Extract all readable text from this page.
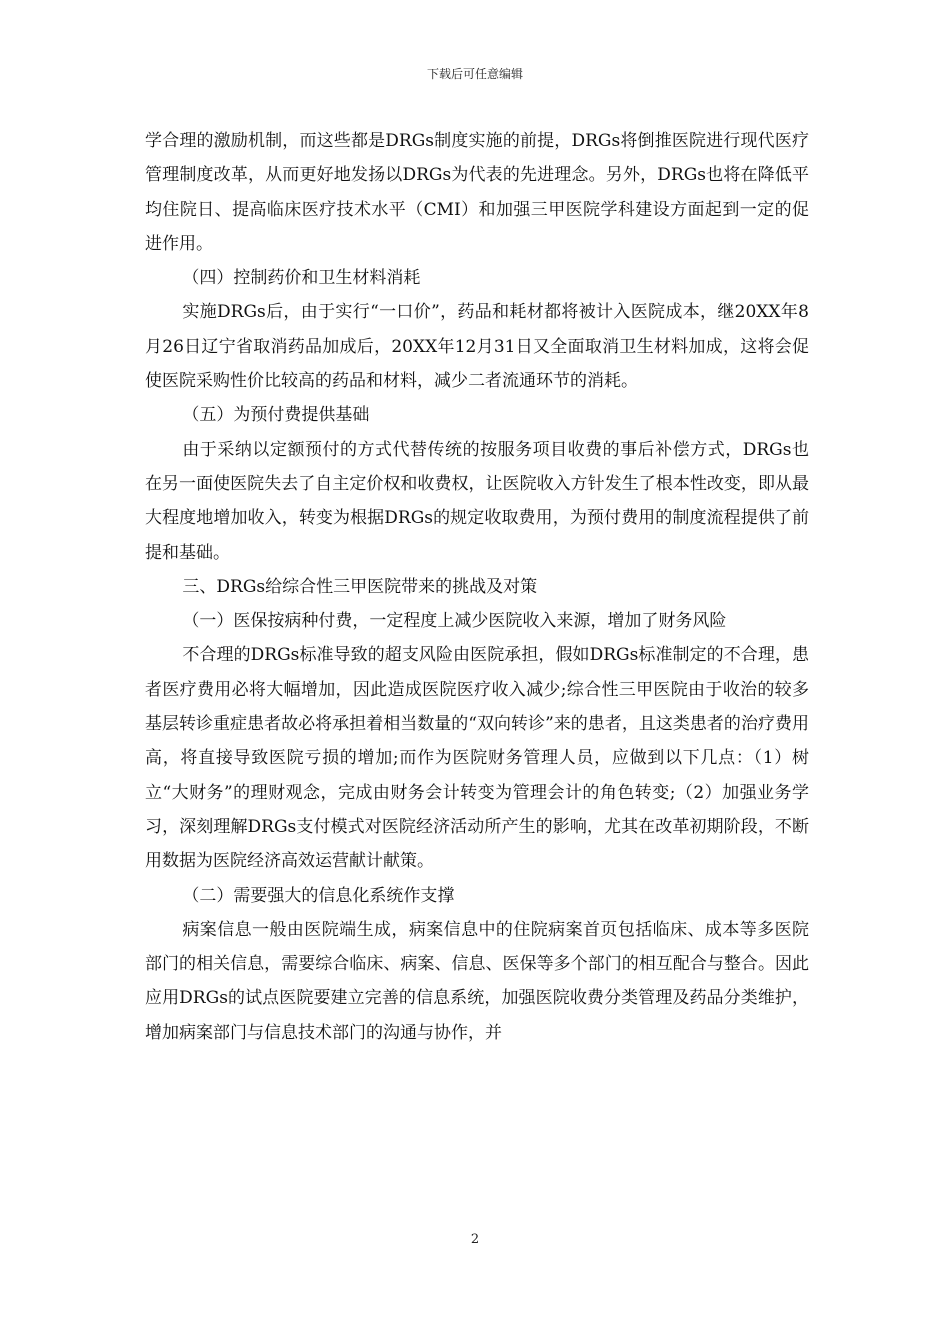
下载后可任意编辑

学合理的激励机制，而这些都是DRGs制度实施的前提，DRGs将倒推医院进行现代医疗管理制度改革，从而更好地发扬以DRGs为代表的先进理念。另外，DRGs也将在降低平均住院日、提高临床医疗技术水平（CMI）和加强三甲医院学科建设方面起到一定的促进作用。

（四）控制药价和卫生材料消耗

实施DRGs后，由于实行“一口价”，药品和耗材都将被计入医院成本，继20XX年8月26日辽宁省取消药品加成后，20XX年12月31日又全面取消卫生材料加成，这将会促使医院采购性价比较高的药品和材料，减少二者流通环节的消耗。

（五）为预付费提供基础

由于采纳以定额预付的方式代替传统的按服务项目收费的事后补偿方式，DRGs也在另一面使医院失去了自主定价权和收费权，让医院收入方针发生了根本性改变，即从最大程度地增加收入，转变为根据DRGs的规定收取费用，为预付费用的制度流程提供了前提和基础。

三、DRGs给综合性三甲医院带来的挑战及对策

（一）医保按病种付费，一定程度上减少医院收入来源，增加了财务风险

不合理的DRGs标准导致的超支风险由医院承担，假如DRGs标准制定的不合理，患者医疗费用必将大幅增加，因此造成医院医疗收入减少;综合性三甲医院由于收治的较多基层转诊重症患者故必将承担着相当数量的“双向转诊”来的患者，且这类患者的治疗费用高，将直接导致医院亏损的增加;而作为医院财务管理人员，应做到以下几点：（1）树立“大财务”的理财观念，完成由财务会计转变为管理会计的角色转变;（2）加强业务学习，深刻理解DRGs支付模式对医院经济活动所产生的影响，尤其在改革初期阶段，不断用数据为医院经济高效运营献计献策。

（二）需要强大的信息化系统作支撑

病案信息一般由医院端生成，病案信息中的住院病案首页包括临床、成本等多医院部门的相关信息，需要综合临床、病案、信息、医保等多个部门的相互配合与整合。因此应用DRGs的试点医院要建立完善的信息系统，加强医院收费分类管理及药品分类维护，增加病案部门与信息技术部门的沟通与协作，并

2
